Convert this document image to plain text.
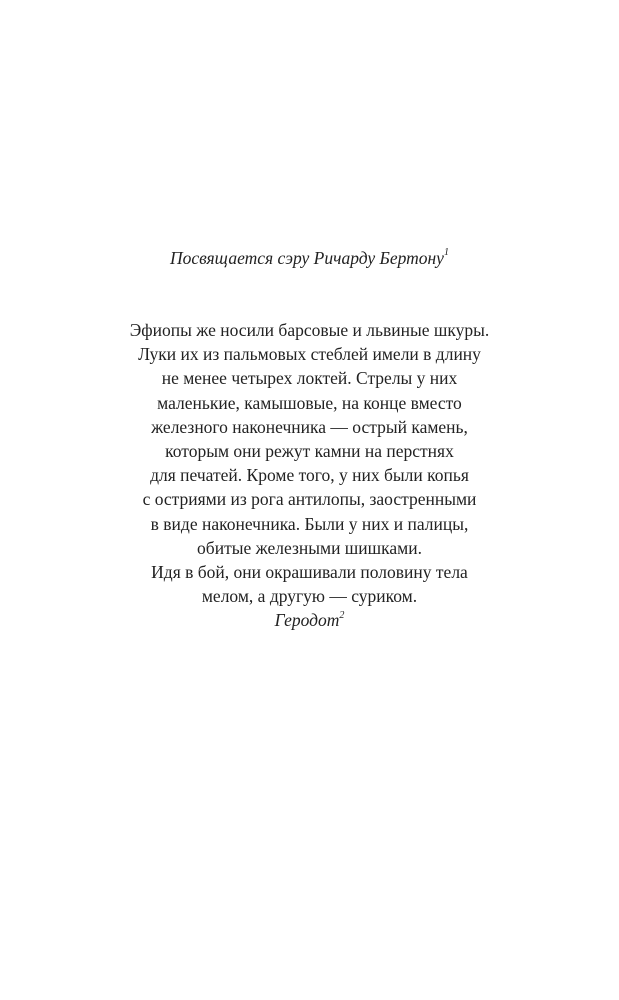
Посвящается сэру Ричарду Бертону$^1$
Эфиопы же носили барсовые и львиные шкуры.
Луки их из пальмовых стеблей имели в длину
не менее четырех локтей. Стрелы у них
маленькие, камышовые, на конце вместо
железного наконечника — острый камень,
которым они режут камни на перстнях
для печатей. Кроме того, у них были копья
с остриями из рога антилопы, заостренными
в виде наконечника. Были у них и палицы,
обитые железными шишками.
Идя в бой, они окрашивали половину тела
мелом, а другую — суриком.
Геродот$^2$
